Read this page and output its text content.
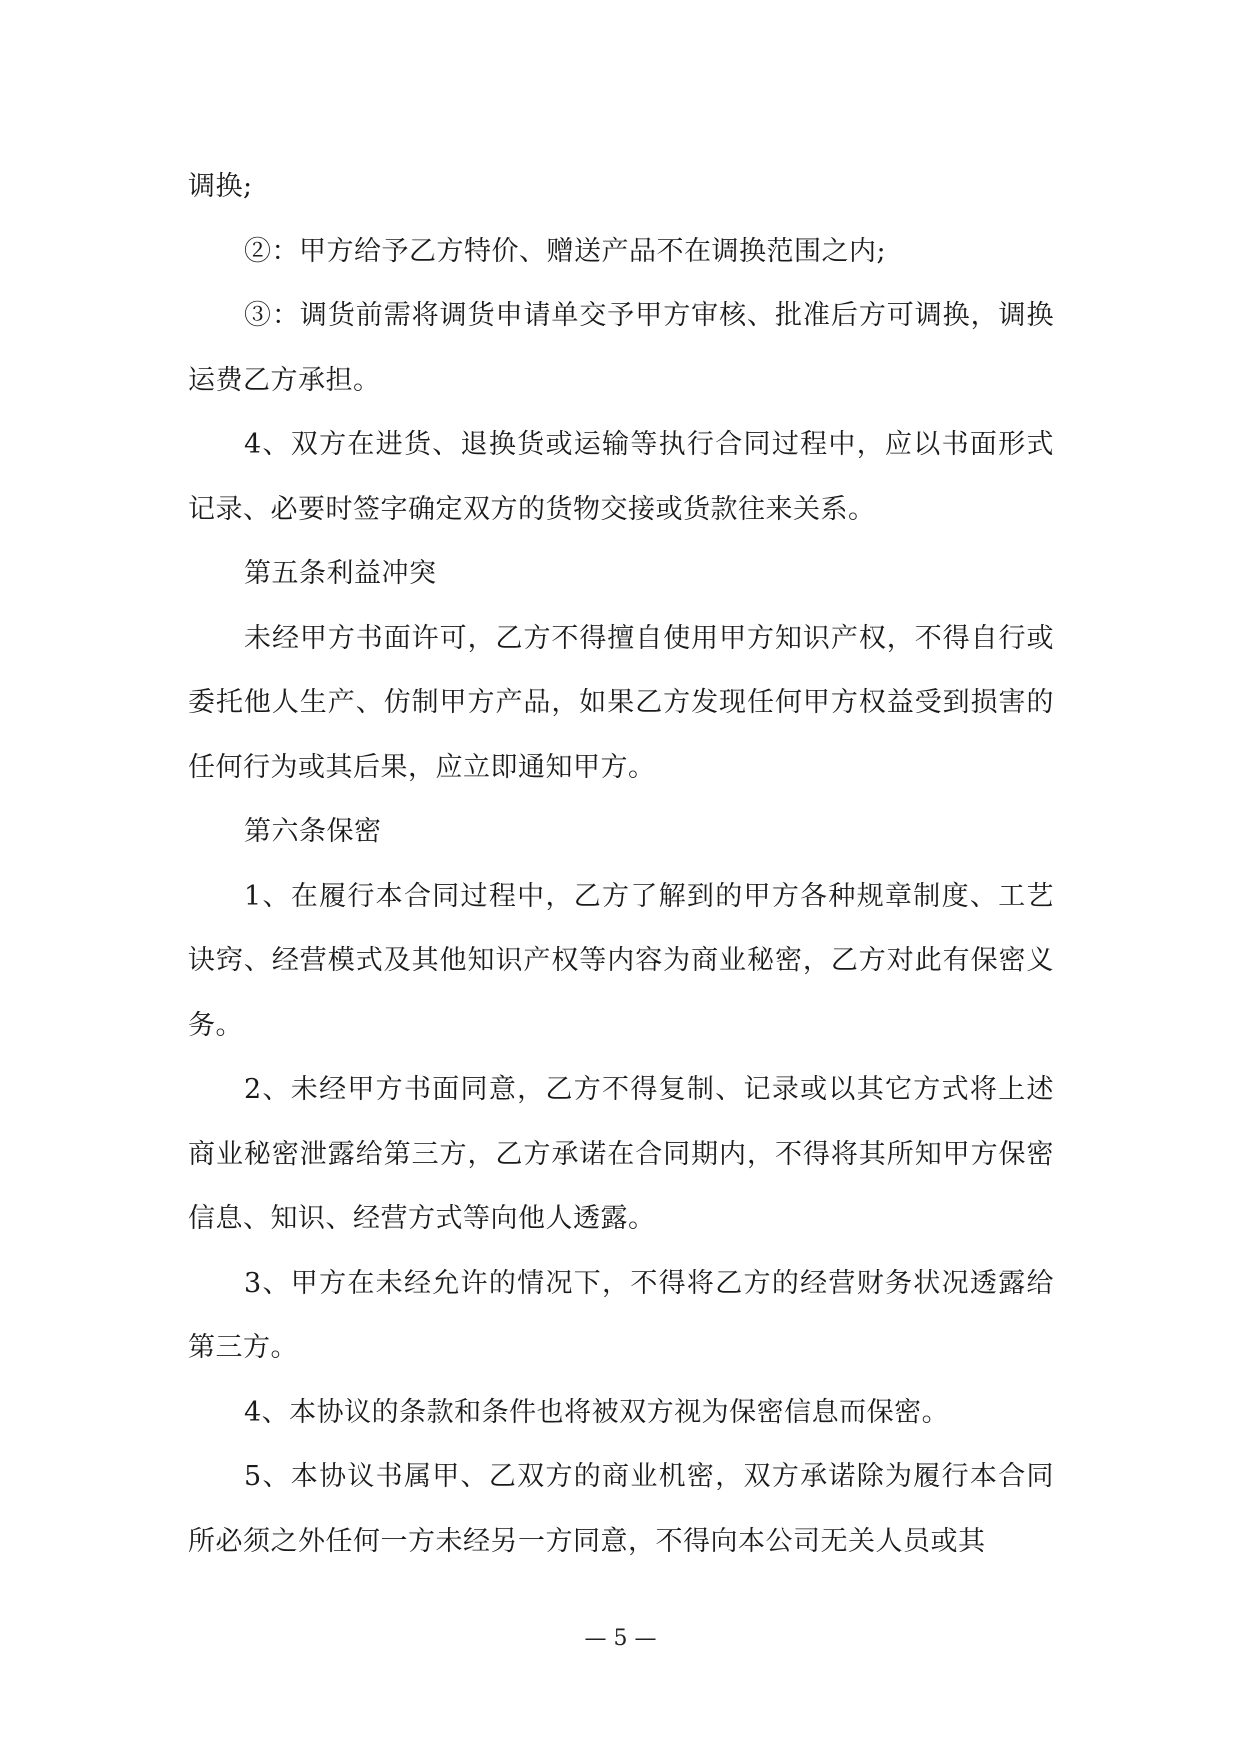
调换;

②：甲方给予乙方特价、赠送产品不在调换范围之内;

③：调货前需将调货申请单交予甲方审核、批准后方可调换，调换运费乙方承担。

4、双方在进货、退换货或运输等执行合同过程中，应以书面形式记录、必要时签字确定双方的货物交接或货款往来关系。

第五条利益冲突

未经甲方书面许可，乙方不得擅自使用甲方知识产权，不得自行或委托他人生产、仿制甲方产品，如果乙方发现任何甲方权益受到损害的任何行为或其后果，应立即通知甲方。

第六条保密

1、在履行本合同过程中，乙方了解到的甲方各种规章制度、工艺诀窍、经营模式及其他知识产权等内容为商业秘密，乙方对此有保密义务。

2、未经甲方书面同意，乙方不得复制、记录或以其它方式将上述商业秘密泄露给第三方，乙方承诺在合同期内，不得将其所知甲方保密信息、知识、经营方式等向他人透露。

3、甲方在未经允许的情况下，不得将乙方的经营财务状况透露给第三方。

4、本协议的条款和条件也将被双方视为保密信息而保密。

5、本协议书属甲、乙双方的商业机密，双方承诺除为履行本合同所必须之外任何一方未经另一方同意，不得向本公司无关人员或其

— 5 —
